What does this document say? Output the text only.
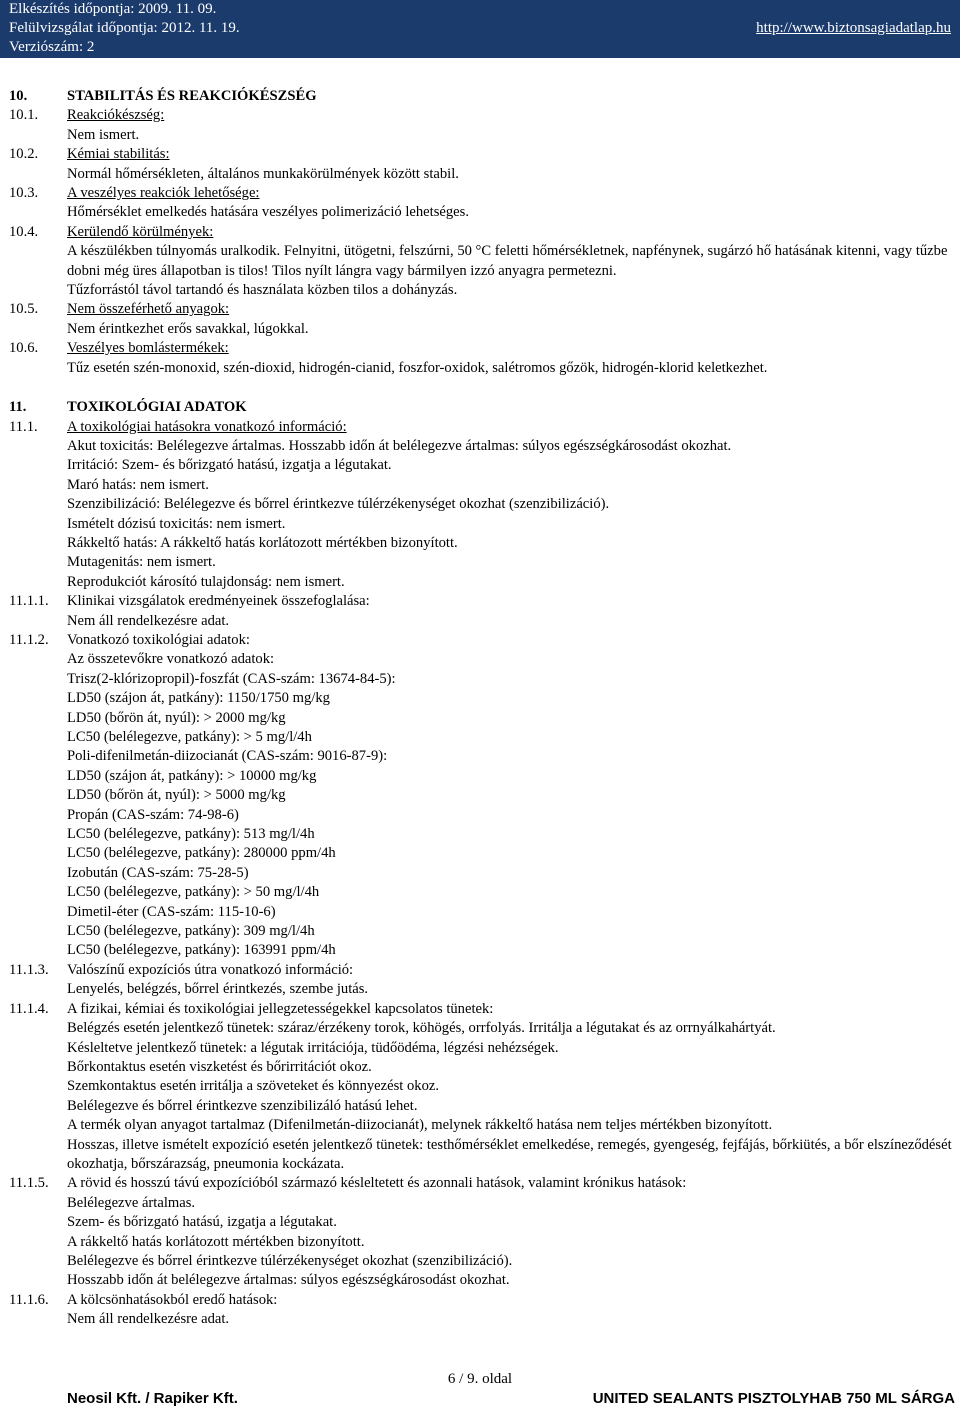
Elkészítés időpontja: 2009. 11. 09.
Felülvizsgálat időpontja: 2012. 11. 19.
Verziószám: 2
http://www.biztonsagiadatlap.hu
10.	STABILITÁS ÉS REAKCIÓKÉSZSÉG
10.1.	Reakciókészség:
Nem ismert.
10.2.	Kémiai stabilitás:
Normál hőmérsékleten, általános munkakörülmények között stabil.
10.3.	A veszélyes reakciók lehetősége:
Hőmérséklet emelkedés hatására veszélyes polimerizáció lehetséges.
10.4.	Kerülendő körülmények:
A készülékben túlnyomás uralkodik. Felnyitni, ütögetni, felszúrni, 50 °C feletti hőmérsékletnek, napfénynek, sugárzó hő hatásának kitenni, vagy tűzbe dobni még üres állapotban is tilos! Tilos nyílt lángra vagy bármilyen izzó anyagra permetezni.
Tűzforrástól távol tartandó és használata közben tilos a dohányzás.
10.5.	Nem összeférhető anyagok:
Nem érintkezhet erős savakkal, lúgokkal.
10.6.	Veszélyes bomlástermékek:
Tűz esetén szén-monoxid, szén-dioxid, hidrogén-cianid, foszfor-oxidok, salétromos gőzök, hidrogén-klorid keletkezhet.
11.	TOXIKOLÓGIAI ADATOK
11.1.	A toxikológiai hatásokra vonatkozó információ:
Akut toxicitás: Belélegezve ártalmas. Hosszabb időn át belélegezve ártalmas: súlyos egészségkárosodást okozhat.
Irritáció: Szem- és bőrizgató hatású, izgatja a légutakat.
Maró hatás: nem ismert.
Szenzibilizáció: Belélegezve és bőrrel érintkezve túlérzékenységet okozhat (szenzibilizáció).
Ismételt dózisú toxicitás: nem ismert.
Rákkeltő hatás: A rákkeltő hatás korlátozott mértékben bizonyított.
Mutagenitás: nem ismert.
Reprodukciót károsító tulajdonság: nem ismert.
11.1.1.	Klinikai vizsgálatok eredményeinek összefoglalása:
Nem áll rendelkezésre adat.
11.1.2.	Vonatkozó toxikológiai adatok:
Az összetevőkre vonatkozó adatok:
Trisz(2-klórizopropil)-foszfát (CAS-szám: 13674-84-5):
LD50 (szájon át, patkány): 1150/1750 mg/kg
LD50 (bőrön át, nyúl): > 2000 mg/kg
LC50 (belélegezve, patkány): > 5 mg/l/4h
Poli-difenilmetán-diizocianát (CAS-szám: 9016-87-9):
LD50 (szájon át, patkány): > 10000 mg/kg
LD50 (bőrön át, nyúl): > 5000 mg/kg
Propán (CAS-szám: 74-98-6)
LC50 (belélegezve, patkány): 513 mg/l/4h
LC50 (belélegezve, patkány): 280000 ppm/4h
Izobután (CAS-szám: 75-28-5)
LC50 (belélegezve, patkány): > 50 mg/l/4h
Dimetil-éter (CAS-szám: 115-10-6)
LC50 (belélegezve, patkány): 309 mg/l/4h
LC50 (belélegezve, patkány): 163991 ppm/4h
11.1.3.	Valószínű expozíciós útra vonatkozó információ:
Lenyelés, belégzés, bőrrel érintkezés, szembe jutás.
11.1.4.	A fizikai, kémiai és toxikológiai jellegzetességekkel kapcsolatos tünetek:
Belégzés esetén jelentkező tünetek: száraz/érzékeny torok, köhögés, orrfolyás. Irritálja a légutakat és az orrnyálkahártyát.
Késleltetve jelentkező tünetek: a légutak irritációja, tüdőödéma, légzési nehézségek.
Bőrkontaktus esetén viszketést és bőrirritációt okoz.
Szemkontaktus esetén irritálja a szöveteket és könnyezést okoz.
Belélegezve és bőrrel érintkezve szenzibilizáló hatású lehet.
A termék olyan anyagot tartalmaz (Difenilmetán-diizocianát), melynek rákkeltő hatása nem teljes mértékben bizonyított.
Hosszas, illetve ismételt expozíció esetén jelentkező tünetek: testhőmérséklet emelkedése, remegés, gyengeség, fejfájás, bőrkiütés, a bőr elszíneződését okozhatja, bőrszárazság, pneumonia kockázata.
11.1.5.	A rövid és hosszú távú expozícióból származó késleltetett és azonnali hatások, valamint krónikus hatások:
Belélegezve ártalmas.
Szem- és bőrizgató hatású, izgatja a légutakat.
A rákkeltő hatás korlátozott mértékben bizonyított.
Belélegezve és bőrrel érintkezve túlérzékenységet okozhat (szenzibilizáció).
Hosszabb időn át belélegezve ártalmas: súlyos egészségkárosodást okozhat.
11.1.6.	A kölcsönhatásokból eredő hatások:
Nem áll rendelkezésre adat.
6 / 9. oldal
Neosil Kft. / Rapiker Kft.	UNITED SEALANTS PISZTOLYHAB 750 ML SÁRGA
